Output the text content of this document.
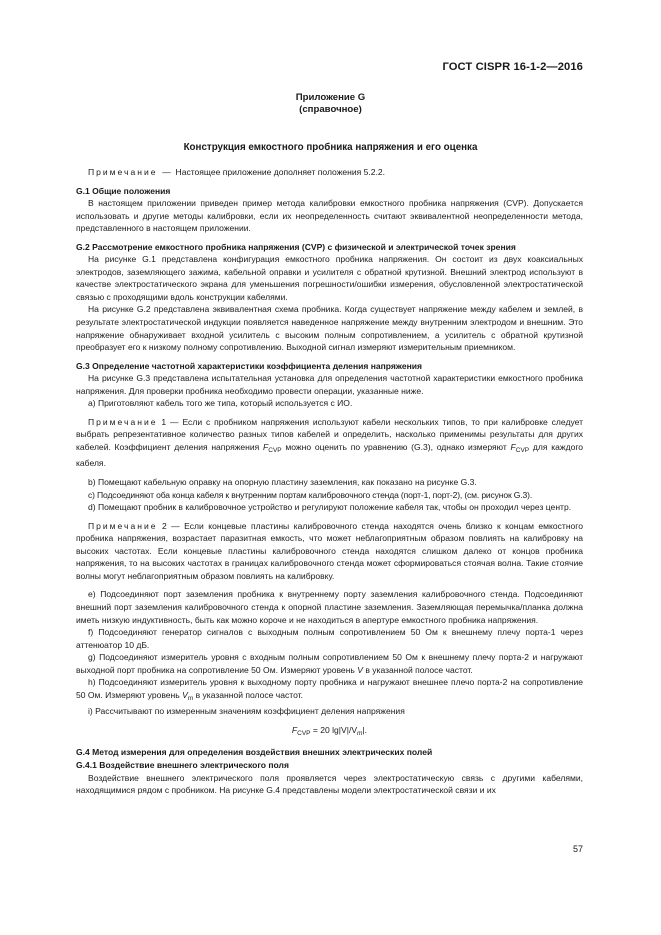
ГОСТ CISPR 16-1-2—2016
Приложение G
(справочное)
Конструкция емкостного пробника напряжения и его оценка

Примечание — Настоящее приложение дополняет положения 5.2.2.

G.1 Общие положения

В настоящем приложении приведен пример метода калибровки емкостного пробника напряжения (CVP). Допускается использовать и другие методы калибровки, если их неопределенность считают эквивалентной неопределенности метода, представленного в настоящем приложении.

G.2 Рассмотрение емкостного пробника напряжения (CVP) с физической и электрической точек зрения

На рисунке G.1 представлена конфигурация емкостного пробника напряжения. Он состоит из двух коаксиальных электродов, заземляющего зажима, кабельной оправки и усилителя с обратной крутизной. Внешний электрод используют в качестве электростатического экрана для уменьшения погрешности/ошибки измерения, обусловленной электростатической связью с проходящими вдоль конструкции кабелями.

На рисунке G.2 представлена эквивалентная схема пробника. Когда существует напряжение между кабелем и землей, в результате электростатической индукции появляется наведенное напряжение между внутренним электродом и внешним. Это напряжение обнаруживает входной усилитель с высоким полным сопротивлением, а усилитель с обратной крутизной преобразует его к низкому полному сопротивлению. Выходной сигнал измеряют измерительным приемником.

G.3 Определение частотной характеристики коэффициента деления напряжения

На рисунке G.3 представлена испытательная установка для определения частотной характеристики емкостного пробника напряжения. Для проверки пробника необходимо провести операции, указанные ниже.

а) Приготовляют кабель того же типа, который используется с ИО.

Примечание 1 — Если с пробником напряжения используют кабели нескольких типов, то при калибровке следует выбрать репрезентативное количество разных типов кабелей и определить, насколько применимы результаты для других кабелей. Коэффициент деления напряжения $F_{CVP}$ можно оценить по уравнению (G.3), однако измеряют $F_{CVP}$ для каждого кабеля.

b) Помещают кабельную оправку на опорную пластину заземления, как показано на рисунке G.3.

c) Подсоединяют оба конца кабеля к внутренним портам калибровочного стенда (порт-1, порт-2), (см. рисунок G.3).

d) Помещают пробник в калибровочное устройство и регулируют положение кабеля так, чтобы он проходил через центр.

Примечание 2 — Если концевые пластины калибровочного стенда находятся очень близко к концам емкостного пробника напряжения, возрастает паразитная емкость, что может неблагоприятным образом повлиять на калибровку на высоких частотах. Если концевые пластины калибровочного стенда находятся слишком далеко от концов пробника напряжения, то на высоких частотах в границах калибровочного стенда может сформироваться стоячая волна. Такие стоячие волны могут неблагоприятным образом повлиять на калибровку.

e) Подсоединяют порт заземления пробника к внутреннему порту заземления калибровочного стенда. Подсоединяют внешний порт заземления калибровочного стенда к опорной пластине заземления. Заземляющая перемычка/планка должна иметь низкую индуктивность, быть как можно короче и не находиться в апертуре емкостного пробника напряжения.

f) Подсоединяют генератор сигналов с выходным полным сопротивлением 50 Ом к внешнему плечу порта-1 через аттенюатор 10 дБ.

g) Подсоединяют измеритель уровня с входным полным сопротивлением 50 Ом к внешнему плечу порта-2 и нагружают выходной порт пробника на сопротивление 50 Ом. Измеряют уровень V в указанной полосе частот.

h) Подсоединяют измеритель уровня к выходному порту пробника и нагружают внешнее плечо порта-2 на сопротивление 50 Ом. Измеряют уровень $V_m$ в указанной полосе частот.

i) Рассчитывают по измеренным значениям коэффициент деления напряжения

$F_{CVP} = 20$ $\lg|V|/V_m|$.

G.4 Метод измерения для определения воздействия внешних электрических полей

G.4.1 Воздействие внешнего электрического поля

Воздействие внешнего электрического поля проявляется через электростатическую связь с другими кабелями, находящимися рядом с пробником. На рисунке G.4 представлены модели электростатической связи и их

57
